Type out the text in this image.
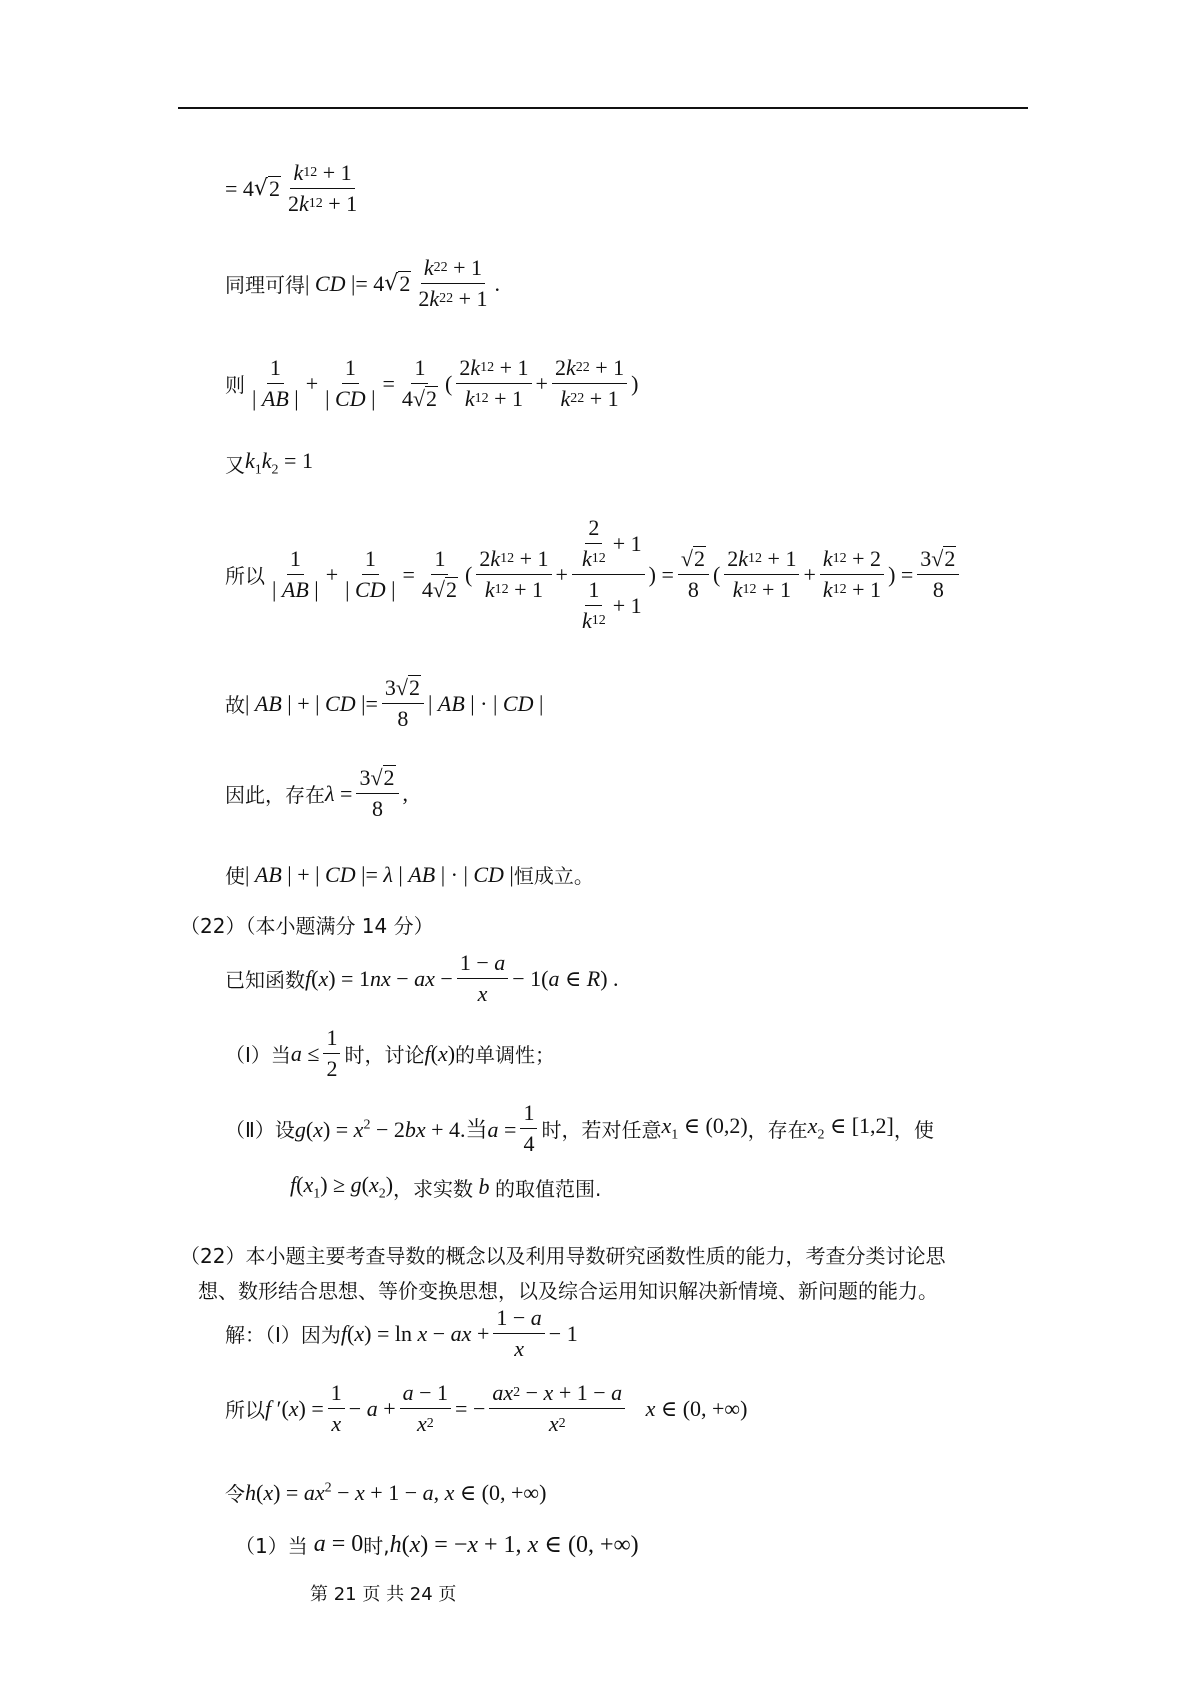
= 4 √ $2 \frac{k 1 2 + 1}{2 k 1 2 + 1}$
同理可得 | CD |= 4 √ $2 \frac{k 2 2 + 1}{2 k 2 2 + 1}$ .
则 $\frac{1}{| AB |} + \frac{1}{| CD |} = \frac{1}{4 √ 2}$ ( $\frac{2 k 1 2 + 1}{k 1 2 + 1} + \frac{2 k 2 2 + 1}{k 2 2 + 1}$ )
又 $k_1k_2 = 1$
所以 $\frac{1}{| AB |} + \frac{1}{| CD |} = \frac{1}{4 √ 2}$ ( $\frac{2 k 1 2 + 1}{k 1 2 + 1} + \frac{\frac{2}{k 1 2} + 1}{\frac{1}{k 1 2} + 1}$ ) = $\frac{√ 2}{8}$ ( $\frac{2 k 1 2 + 1}{k 1 2 + 1} + \frac{k 1 2 + 2}{k 1 2 + 1}$ ) = $\frac{3 √ 2}{8}$
故 | AB | + | CD |= $\frac{3 √ 2}{8}$ | AB | · | CD |
因此，存在 $\lambda = \frac{3 √ 2}{8}$ ,
使 | AB | + | CD |= λ | AB | · | CD | 恒成立。
（22）（本小题满分 14 分）
已知函数 f(x) = 1nx − ax − $\frac{1 - a}{x} - 1(a$ ∈ R) .
（Ⅰ）当 $a \le \frac{1}{2}$ 时，讨论 f(x) 的单调性；
（Ⅱ）设 $g(x) = x^2 - 2bx + 4$.当$a = \frac{1}{4}$ 时，若对任意 $x_1$ ∈ (0,2) ，存在 $x_2$ ∈ [1,2] ，使
$f(x_1) \ge g(x_2)$ ，求实数 b 的取值范围.
（22）本小题主要考查导数的概念以及利用导数研究函数性质的能力，考查分类讨论思
想、数形结合思想、等价变换思想，以及综合运用知识解决新情境、新问题的能力。
解：（Ⅰ）因为 f(x) = ln x − ax + $\frac{1 - a}{x} - 1$
所以 f $'(x) = \frac{1}{x} - a + \frac{a - 1}{x 2}$ = − $\frac{ax 2 - x + 1 - a}{x 2}$ x ∈ (0, +∞)
令 $h(x) = ax^2 - x + 1 - a$, x ∈ (0, +∞)
（1）当 a = 0 时, h(x) = −x + 1, x ∈ (0, +∞)
第 21 页 共 24 页
